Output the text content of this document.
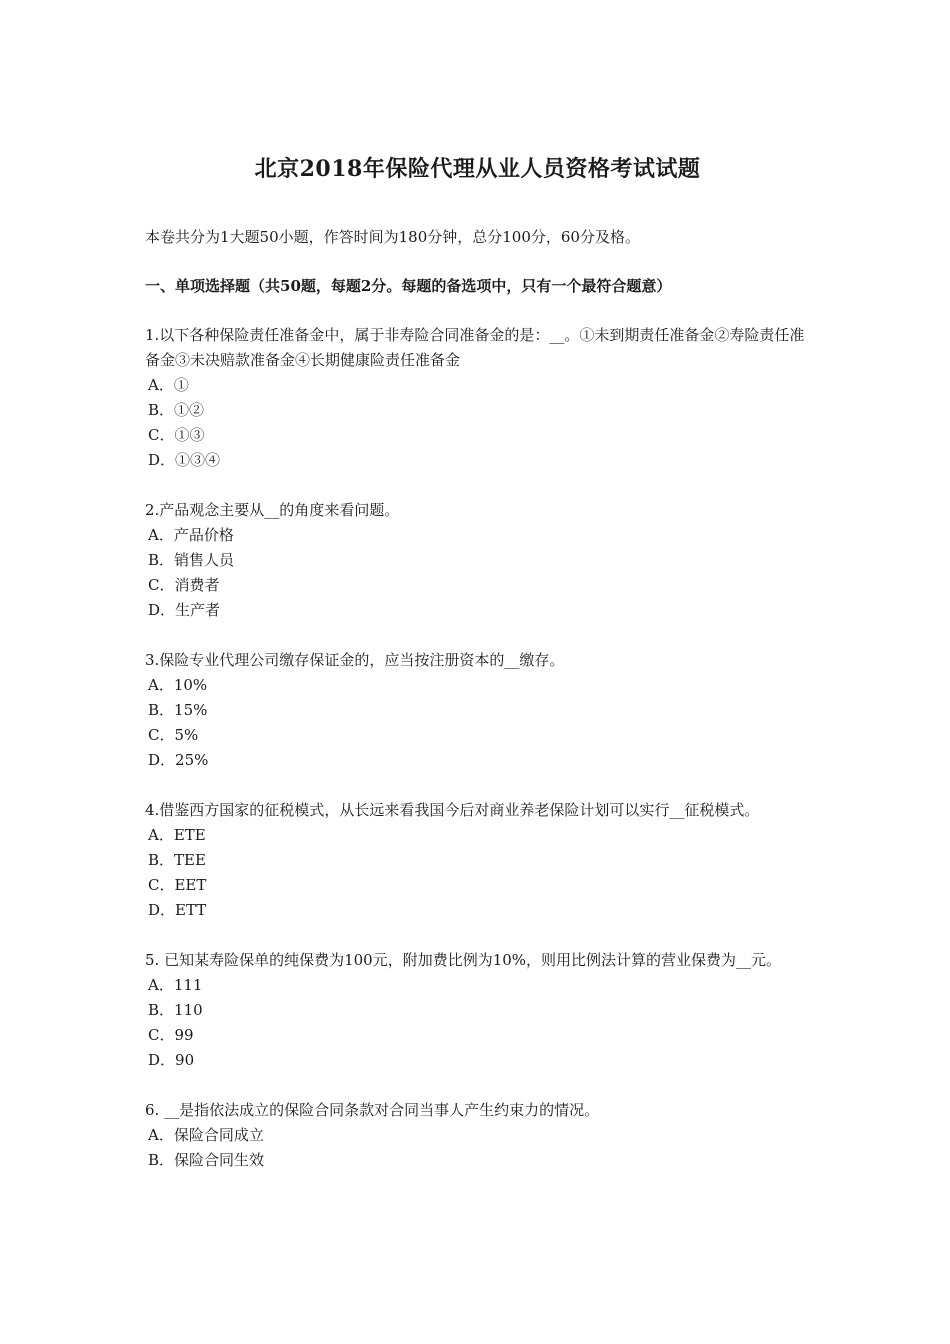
北京2018年保险代理从业人员资格考试试题

本卷共分为1大题50小题，作答时间为180分钟，总分100分，60分及格。

一、单项选择题（共50题，每题2分。每题的备选项中，只有一个最符合题意）

1.以下各种保险责任准备金中，属于非寿险合同准备金的是：__。①未到期责任准备金②寿险责任准备金③未决赔款准备金④长期健康险责任准备金

A．①
B．①②
C．①③
D．①③④

2.产品观念主要从__的角度来看问题。

A．产品价格
B．销售人员
C．消费者
D．生产者

3.保险专业代理公司缴存保证金的，应当按注册资本的__缴存。

A．10%
B．15%
C．5%
D．25%

4.借鉴西方国家的征税模式，从长远来看我国今后对商业养老保险计划可以实行__征税模式。

A．ETE
B．TEE
C．EET
D．ETT

5. 已知某寿险保单的纯保费为100元，附加费比例为10%，则用比例法计算的营业保费为__元。

A．111
B．110
C．99
D．90

6. __是指依法成立的保险合同条款对合同当事人产生约束力的情况。

A．保险合同成立
B．保险合同生效
